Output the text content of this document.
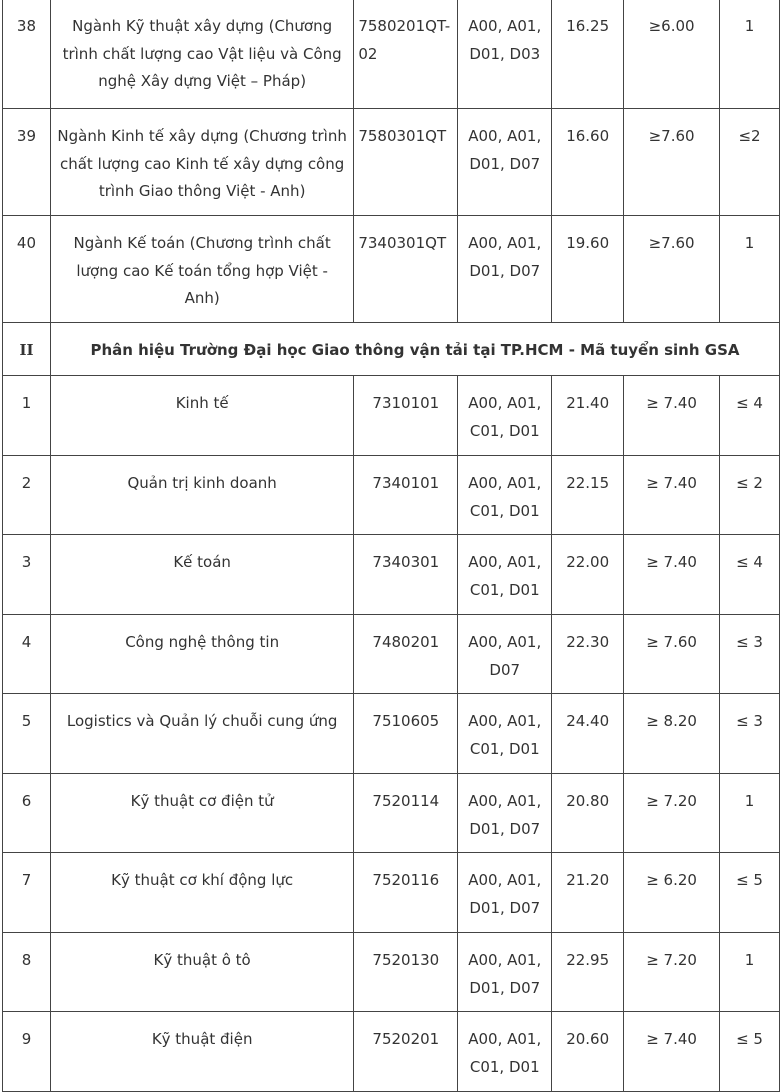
38	Ngành Kỹ thuật xây dựng (Chương trình chất lượng cao Vật liệu và Công nghệ Xây dựng Việt – Pháp)	7580201QT-02	A00, A01, D01, D03	16.25	≥6.00	1
39	Ngành Kinh tế xây dựng (Chương trình chất lượng cao Kinh tế xây dựng công trình Giao thông Việt - Anh)	7580301QT	A00, A01, D01, D07	16.60	≥7.60	≤2
40	Ngành Kế toán (Chương trình chất lượng cao Kế toán tổng hợp Việt - Anh)	7340301QT	A00, A01, D01, D07	19.60	≥7.60	1
II	Phân hiệu Trường Đại học Giao thông vận tải tại TP.HCM - Mã tuyển sinh GSA					
1	Kinh tế	7310101	A00, A01, C01, D01	21.40	≥ 7.40	≤ 4
2	Quản trị kinh doanh	7340101	A00, A01, C01, D01	22.15	≥ 7.40	≤ 2
3	Kế toán	7340301	A00, A01, C01, D01	22.00	≥ 7.40	≤ 4
4	Công nghệ thông tin	7480201	A00, A01, D07	22.30	≥ 7.60	≤ 3
5	Logistics và Quản lý chuỗi cung ứng	7510605	A00, A01, C01, D01	24.40	≥ 8.20	≤ 3
6	Kỹ thuật cơ điện tử	7520114	A00, A01, D01, D07	20.80	≥ 7.20	1
7	Kỹ thuật cơ khí động lực	7520116	A00, A01, D01, D07	21.20	≥ 6.20	≤ 5
8	Kỹ thuật ô tô	7520130	A00, A01, D01, D07	22.95	≥ 7.20	1
9	Kỹ thuật điện	7520201	A00, A01, C01, D01	20.60	≥ 7.40	≤ 5
